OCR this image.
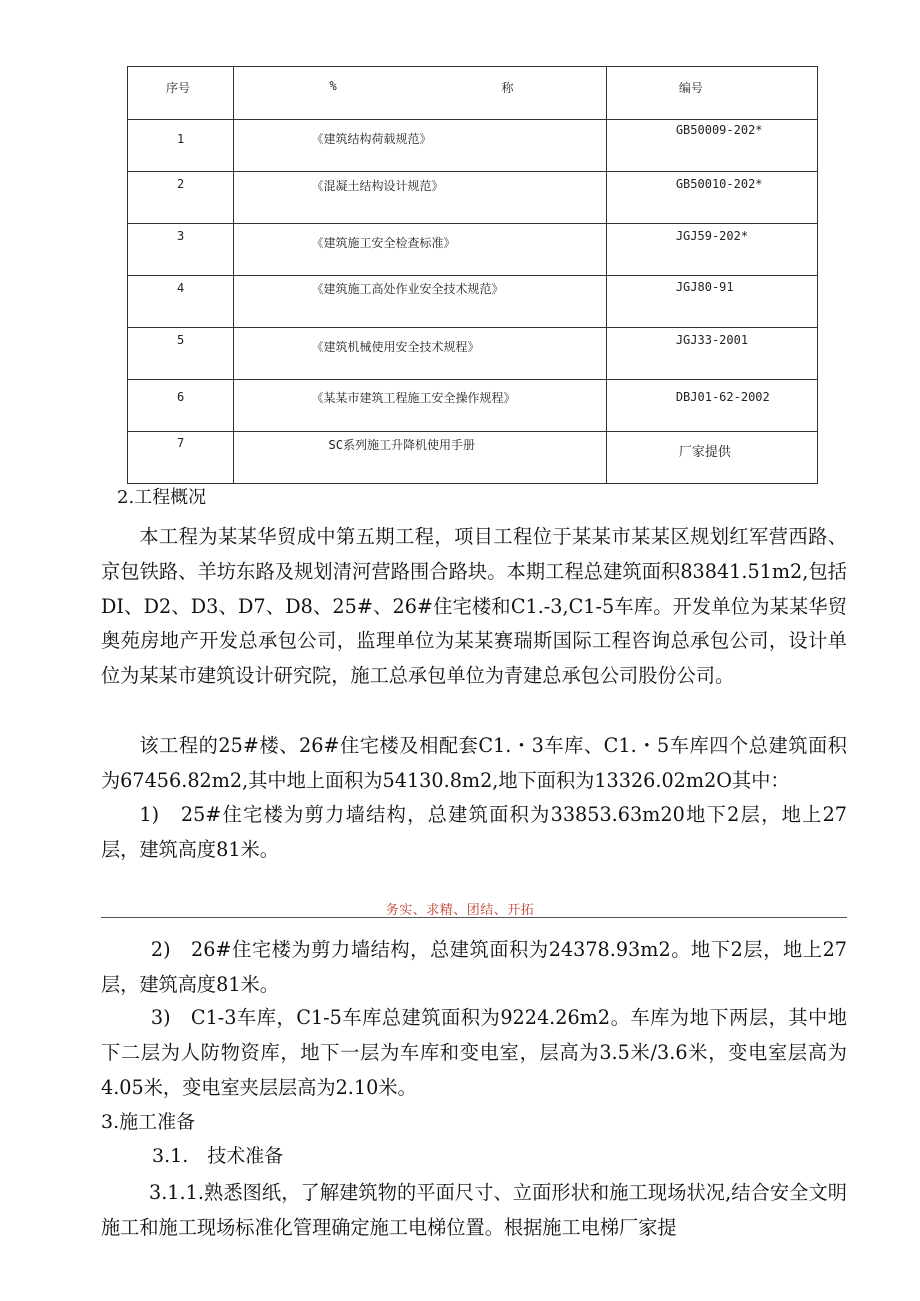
序号	% 称	编号

1	《建筑结构荷载规范》	GB50009-202*

2	《混凝土结构设计规范》	GB50010-202*

3	《建筑施工安全检查标准》	JGJ59-202*

4	《建筑施工高处作业安全技术规范》	JGJ80-91

5	《建筑机械使用安全技术规程》	JGJ33-2001

6	《某某市建筑工程施工安全操作规程》	DBJ01-62-2002

7	SC系列施工升降机使用手册	厂家提供
2.工程概况

本工程为某某华贸成中第五期工程，项目工程位于某某市某某区规划红军营西路、京包铁路、羊坊东路及规划清河营路围合路块。本期工程总建筑面积83841.51m2,包括DI、D2、D3、D7、D8、25#、26#住宅楼和C1.-3,C1-5车库。开发单位为某某华贸奥苑房地产开发总承包公司，监理单位为某某赛瑞斯国际工程咨询总承包公司，设计单位为某某市建筑设计研究院，施工总承包单位为青建总承包公司股份公司。

该工程的25#楼、26#住宅楼及相配套C1.・3车库、C1.・5车库四个总建筑面积为67456.82m2,其中地上面积为54130.8m2,地下面积为13326.02m2O其中：

1)　25#住宅楼为剪力墙结构，总建筑面积为33853.63m20地下2层，地上27层，建筑高度81米。

务实、求精、团结、开拓

2)　26#住宅楼为剪力墙结构，总建筑面积为24378.93m2。地下2层，地上27层，建筑高度81米。

3)　C1-3车库，C1-5车库总建筑面积为9224.26m2。车库为地下两层，其中地下二层为人防物资库，地下一层为车库和变电室，层高为3.5米/3.6米，变电室层高为4.05米，变电室夹层层高为2.10米。

3.施工准备
3.1.　技术准备

3.1.1.熟悉图纸，了解建筑物的平面尺寸、立面形状和施工现场状况,结合安全文明施工和施工现场标准化管理确定施工电梯位置。根据施工电梯厂家提
